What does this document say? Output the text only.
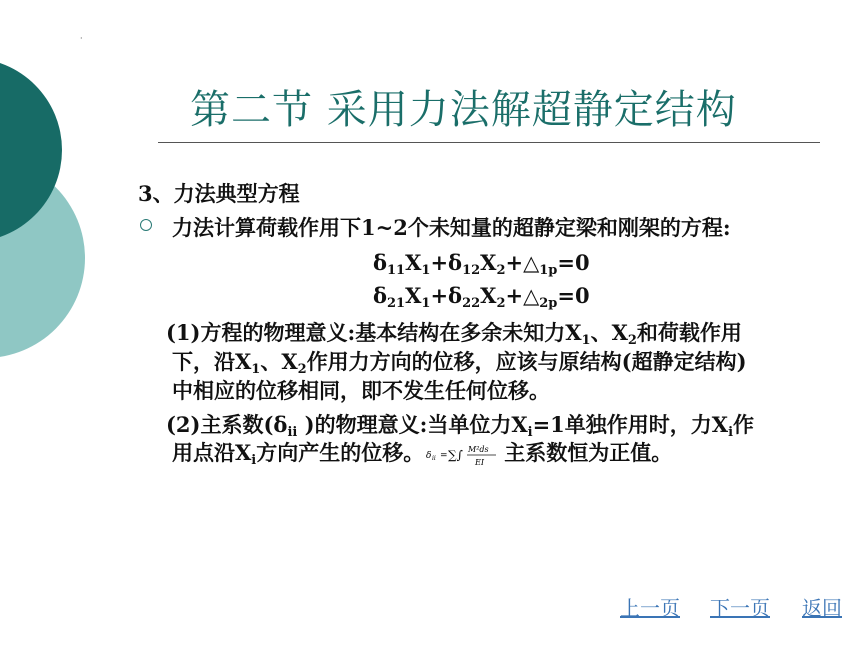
·
第二节 采用力法解超静定结构
3、力法典型方程
力法计算荷载作用下1~2个未知量的超静定梁和刚架的方程:
$\delta_{11}X_1+\delta_{12}X_2+\triangle_{1p}=0$
$\delta_{21}X_1+\delta_{22}X_2+\triangle_{2p}=0$
(1)方程的物理意义:基本结构在多余未知力$X_1$、$X_2$和荷载作用
下，沿$X_1$、$X_2$作用力方向的位移，应该与原结构(超静定结构)
中相应的位移相同，即不发生任何位移。
(2)主系数($\delta_{ii}$ )的物理意义:当单位力$X_i=1$单独作用时，力$X_i$作
用点沿$X_i$方向产生的位移。 δ ii = ∑∫ M²ds
EI 主系数恒为正值。
上一页 下一页 返回
